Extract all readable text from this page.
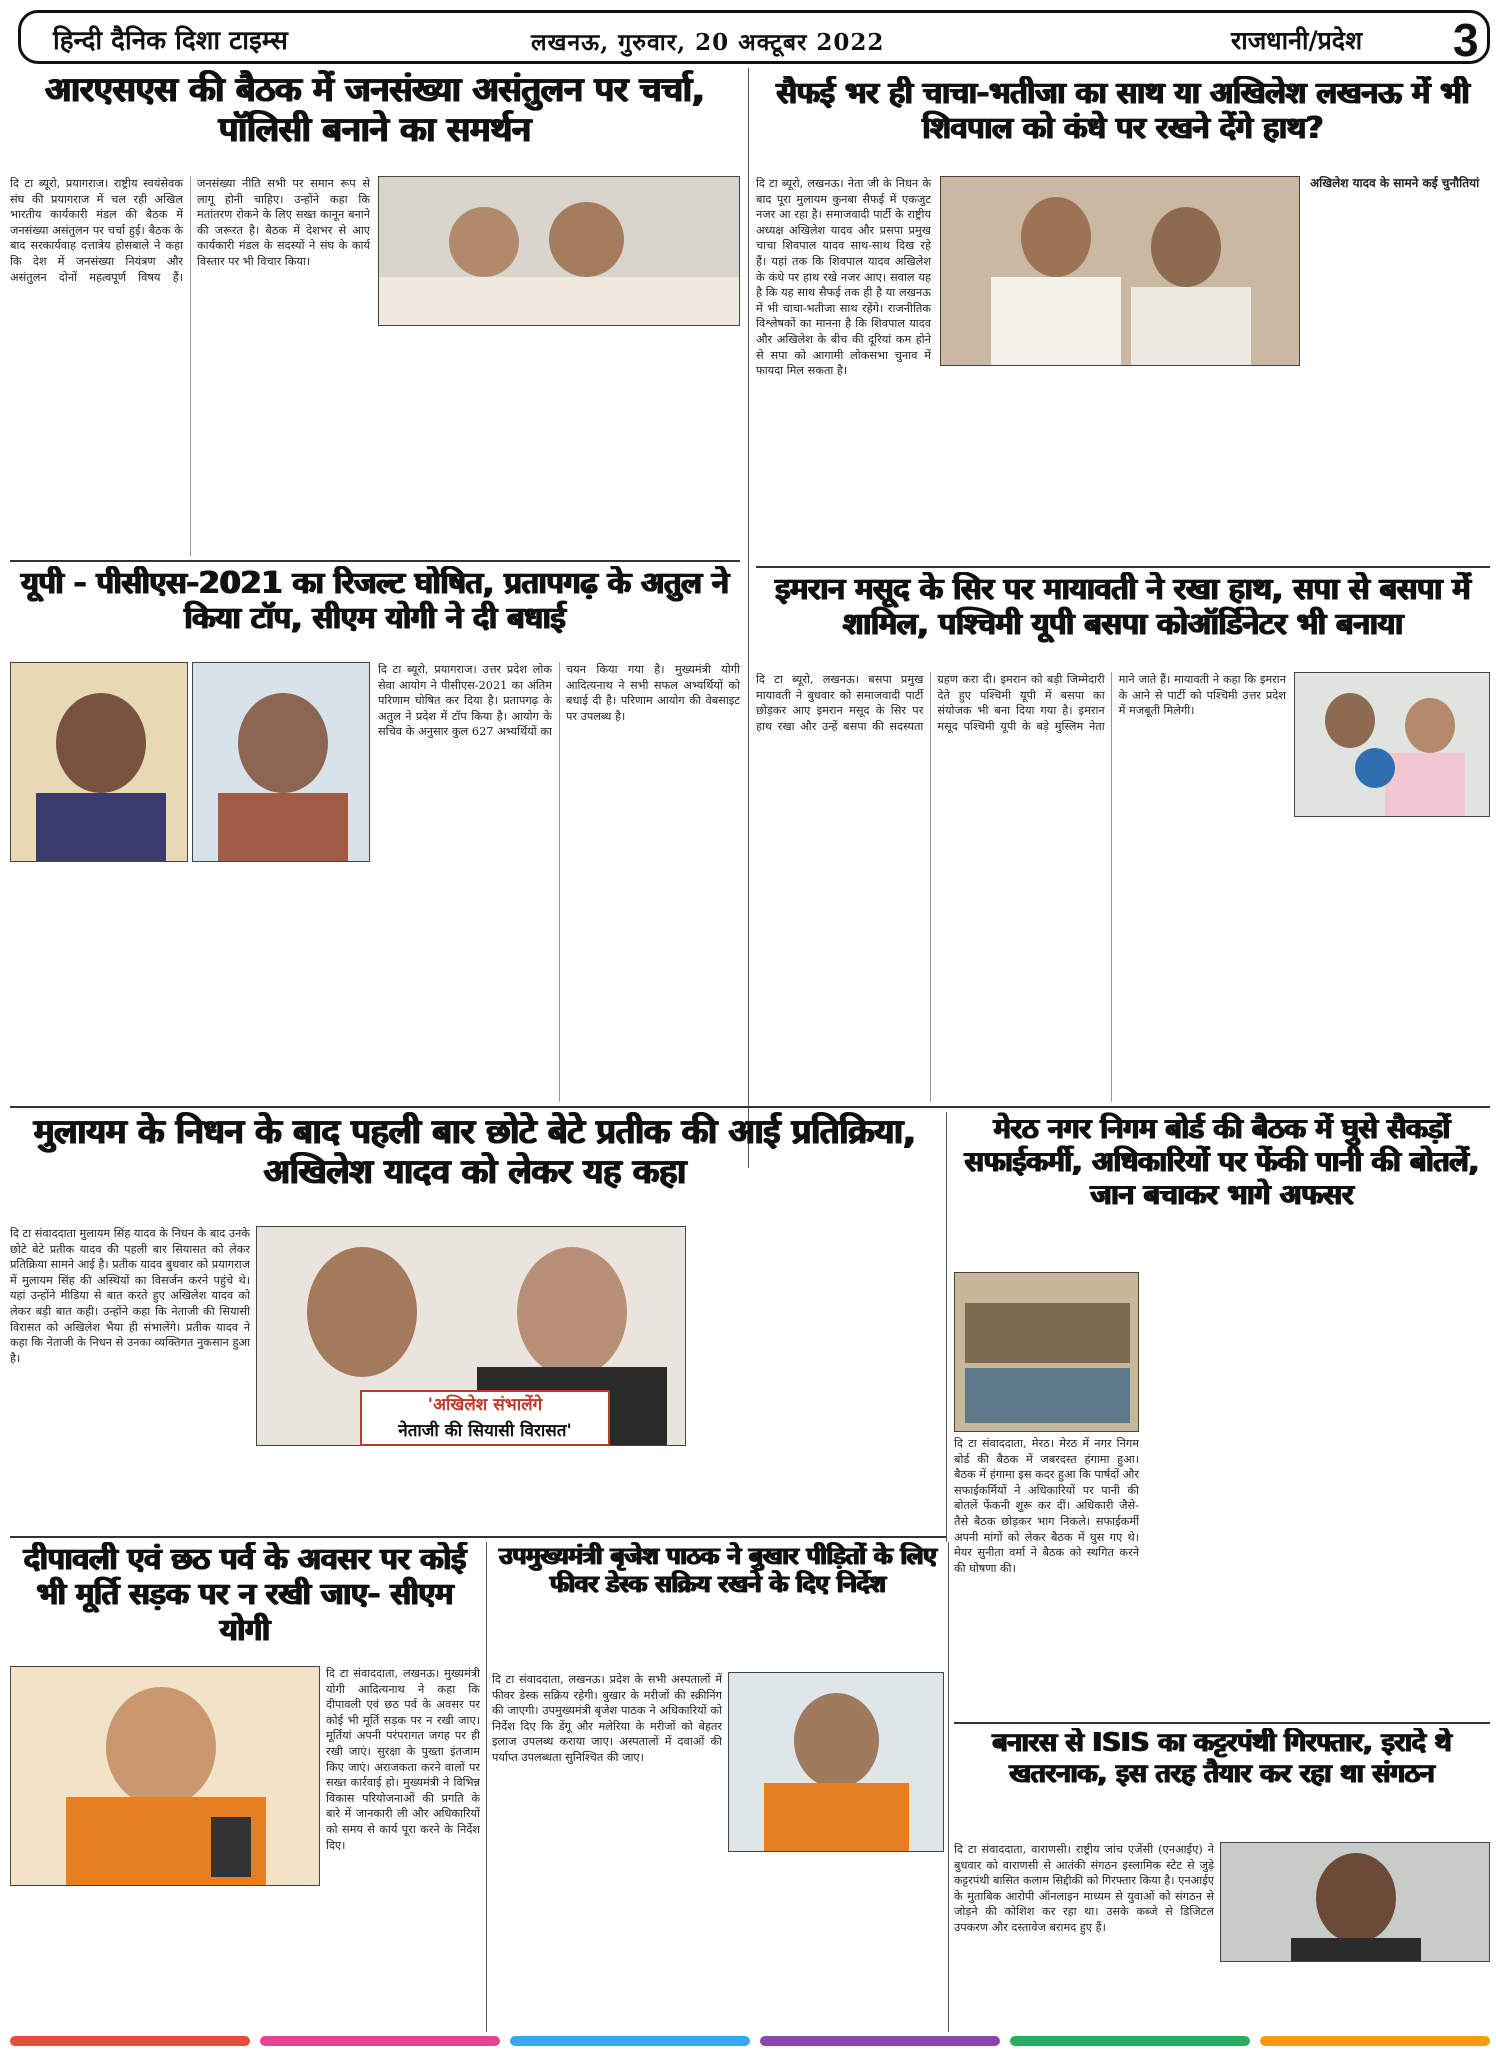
हिन्दी दैनिक दिशा टाइम्स	लखनऊ, गुरुवार, 20 अक्टूबर 2022	राजधानी/प्रदेश 3
आरएसएस की बैठक में जनसंख्या असंतुलन पर चर्चा, पॉलिसी बनाने का समर्थन
दि टा ब्यूरो, प्रयागराज। राष्ट्रीय स्वयंसेवक संघ की प्रयागराज में चल रही अखिल भारतीय कार्यकारी मंडल की बैठक में जनसंख्या असंतुलन पर चर्चा हुई। बैठक के बाद सरकार्यवाह दत्तात्रेय होसबाले ने कहा कि देश में जनसंख्या नियंत्रण और असंतुलन दोनों महत्वपूर्ण विषय हैं। जनसंख्या नीति सभी पर समान रूप से लागू होनी चाहिए। उन्होंने कहा कि मतांतरण रोकने के लिए सख्त कानून बनाने की जरूरत है। बैठक में देशभर से आए कार्यकारी मंडल के सदस्यों ने संघ के कार्य विस्तार पर भी विचार किया।
यूपी - पीसीएस-2021 का रिजल्ट घोषित, प्रतापगढ़ के अतुल ने किया टॉप, सीएम योगी ने दी बधाई
दि टा ब्यूरो, प्रयागराज। उत्तर प्रदेश लोक सेवा आयोग ने पीसीएस-2021 का अंतिम परिणाम घोषित कर दिया है। प्रतापगढ़ के अतुल ने प्रदेश में टॉप किया है। आयोग के सचिव के अनुसार कुल 627 अभ्यर्थियों का चयन किया गया है। मुख्यमंत्री योगी आदित्यनाथ ने सभी सफल अभ्यर्थियों को बधाई दी है। परिणाम आयोग की वेबसाइट पर उपलब्ध है।
सैफई भर ही चाचा-भतीजा का साथ या अखिलेश लखनऊ में भी शिवपाल को कंधे पर रखने देंगे हाथ?
दि टा ब्यूरो, लखनऊ। नेता जी के निधन के बाद पूरा मुलायम कुनबा सैफई में एकजुट नजर आ रहा है। समाजवादी पार्टी के राष्ट्रीय अध्यक्ष अखिलेश यादव और प्रसपा प्रमुख चाचा शिवपाल यादव साथ-साथ दिख रहे हैं। यहां तक कि शिवपाल यादव अखिलेश के कंधे पर हाथ रखे नजर आए। सवाल यह है कि यह साथ सैफई तक ही है या लखनऊ में भी चाचा-भतीजा साथ रहेंगे। राजनीतिक विश्लेषकों का मानना है कि शिवपाल यादव और अखिलेश के बीच की दूरियां कम होने से सपा को आगामी लोकसभा चुनाव में फायदा मिल सकता है।
अखिलेश यादव के सामने कई चुनौतियां
इमरान मसूद के सिर पर मायावती ने रखा हाथ, सपा से बसपा में शामिल, पश्चिमी यूपी बसपा कोऑर्डिनेटर भी बनाया
दि टा ब्यूरो, लखनऊ। बसपा प्रमुख मायावती ने बुधवार को समाजवादी पार्टी छोड़कर आए इमरान मसूद के सिर पर हाथ रखा और उन्हें बसपा की सदस्यता ग्रहण करा दी। इमरान को बड़ी जिम्मेदारी देते हुए पश्चिमी यूपी में बसपा का संयोजक भी बना दिया गया है। इमरान मसूद पश्चिमी यूपी के बड़े मुस्लिम नेता माने जाते हैं। मायावती ने कहा कि इमरान के आने से पार्टी को पश्चिमी उत्तर प्रदेश में मजबूती मिलेगी।
मुलायम के निधन के बाद पहली बार छोटे बेटे प्रतीक की आई प्रतिक्रिया, अखिलेश यादव को लेकर यह कहा
दि टा संवाददाता मुलायम सिंह यादव के निधन के बाद उनके छोटे बेटे प्रतीक यादव की पहली बार सियासत को लेकर प्रतिक्रिया सामने आई है। प्रतीक यादव बुधवार को प्रयागराज में मुलायम सिंह की अस्थियों का विसर्जन करने पहुंचे थे। यहां उन्होंने मीडिया से बात करते हुए अखिलेश यादव को लेकर बड़ी बात कही। उन्होंने कहा कि नेताजी की सियासी विरासत को अखिलेश भैया ही संभालेंगे। प्रतीक यादव ने कहा कि नेताजी के निधन से उनका व्यक्तिगत नुकसान हुआ है।
'अखिलेश संभालेंगे
नेताजी की सियासी विरासत'
मेरठ नगर निगम बोर्ड की बैठक में घुसे सैकड़ों सफाईकर्मी, अधिकारियों पर फेंकी पानी की बोतलें, जान बचाकर भागे अफसर
दि टा संवाददाता, मेरठ। मेरठ में नगर निगम बोर्ड की बैठक में जबरदस्त हंगामा हुआ। बैठक में हंगामा इस कदर हुआ कि पार्षदों और सफाईकर्मियों ने अधिकारियों पर पानी की बोतलें फेंकनी शुरू कर दीं। अधिकारी जैसे-तैसे बैठक छोड़कर भाग निकले। सफाईकर्मी अपनी मांगों को लेकर बैठक में घुस गए थे। मेयर सुनीता वर्मा ने बैठक को स्थगित करने की घोषणा की।
दीपावली एवं छठ पर्व के अवसर पर कोई भी मूर्ति सड़क पर न रखी जाए- सीएम योगी
दि टा संवाददाता, लखनऊ। मुख्यमंत्री योगी आदित्यनाथ ने कहा कि दीपावली एवं छठ पर्व के अवसर पर कोई भी मूर्ति सड़क पर न रखी जाए। मूर्तियां अपनी परंपरागत जगह पर ही रखी जाएं। सुरक्षा के पुख्ता इंतजाम किए जाएं। अराजकता करने वालों पर सख्त कार्रवाई हो। मुख्यमंत्री ने विभिन्न विकास परियोजनाओं की प्रगति के बारे में जानकारी ली और अधिकारियों को समय से कार्य पूरा करने के निर्देश दिए।
उपमुख्यमंत्री बृजेश पाठक ने बुखार पीड़ितों के लिए फीवर डेस्क सक्रिय रखने के दिए निर्देश
दि टा संवाददाता, लखनऊ। प्रदेश के सभी अस्पतालों में फीवर डेस्क सक्रिय रहेगी। बुखार के मरीजों की स्क्रीनिंग की जाएगी। उपमुख्यमंत्री बृजेश पाठक ने अधिकारियों को निर्देश दिए कि डेंगू और मलेरिया के मरीजों को बेहतर इलाज उपलब्ध कराया जाए। अस्पतालों में दवाओं की पर्याप्त उपलब्धता सुनिश्चित की जाए।	बनारस से ISIS का कट्टरपंथी गिरफ्तार, इरादे थे खतरनाक, इस तरह तैयार कर रहा था संगठन
दि टा संवाददाता, वाराणसी। राष्ट्रीय जांच एजेंसी (एनआईए) ने बुधवार को वाराणसी से आतंकी संगठन इस्लामिक स्टेट से जुड़े कट्टरपंथी बासित कलाम सिद्दीकी को गिरफ्तार किया है। एनआईए के मुताबिक आरोपी ऑनलाइन माध्यम से युवाओं को संगठन से जोड़ने की कोशिश कर रहा था। उसके कब्जे से डिजिटल उपकरण और दस्तावेज बरामद हुए हैं।
